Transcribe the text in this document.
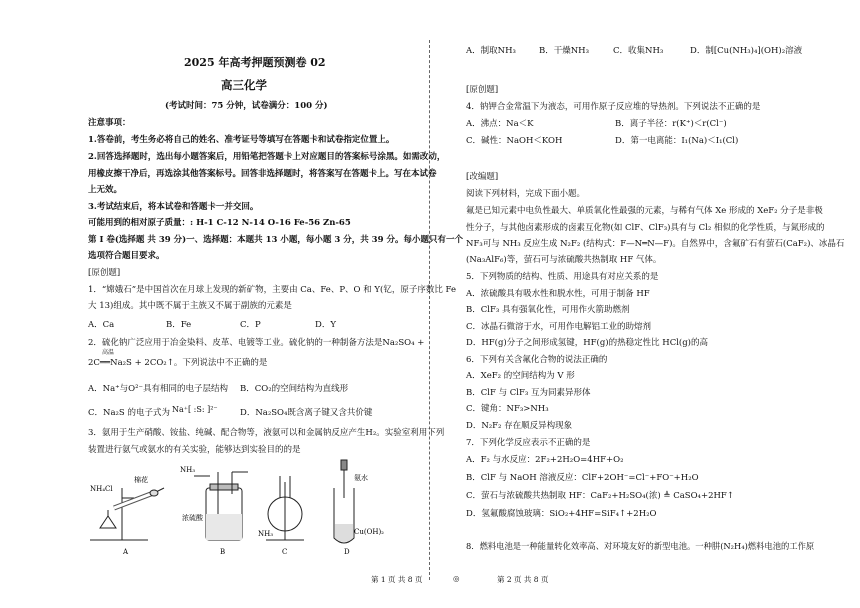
2025 年高考押题预测卷 02
高三化学
(考试时间：75 分钟，试卷满分：100 分)
注意事项：
1.答卷前，考生务必将自己的姓名、准考证号等填写在答题卡和试卷指定位置上。
2.回答选择题时，选出每小题答案后，用铅笔把答题卡上对应题目的答案标号涂黑。如需改动，
用橡皮擦干净后，再选涂其他答案标号。回答非选择题时，将答案写在答题卡上。写在本试卷
上无效。
3.考试结束后，将本试卷和答题卡一并交回。
可能用到的相对原子质量：: H-1 C-12 N-14 O-16 Fe-56 Zn-65
第 I 卷(选择题 共 39 分)一、选择题：本题共 13 小题，每小题 3 分，共 39 分。每小题只有一个
选项符合题目要求。
[原创题]
1．“嫦娥石”是中国首次在月球上发现的新矿物，主要由 Ca、Fe、P、O 和 Y(钇，原子序数比 Fe
大 13)组成。其中既不属于主族又不属于副族的元素是
A．Ca	B．Fe	C．P	D．Y
2．硫化钠广泛应用于冶金染料、皮革、电镀等工业。硫化钠的一种制备方法是Na₂SO₄ +
高温
2C══Na₂S + 2CO₂↑。下列说法中不正确的是
A．Na⁺与O²⁻具有相同的电子层结构 B．CO₂的空间结构为直线形
C．Na₂S 的电子式为 Na⁺[ :S: ]²⁻	D．Na₂SO₄既含离子键又含共价键
3．氨用于生产硝酸、铵盐、纯碱、配合物等，液氨可以和金属钠反应产生H₂。实验室利用下列
装置进行氨气或氨水的有关实验，能够达到实验目的的是
NH₄Cl
棉花
A
NH₃
浓硫酸
B
NH₃
C
氨水
Cu(OH)₂
D
第 1 页 共 8 页	◎
A．制取NH₃	B．干燥NH₃	C．收集NH₃	D．制[Cu(NH₃)₄](OH)₂溶液
[原创题]
4．钠钾合金常温下为液态，可用作原子反应堆的导热剂。下列说法不正确的是
A．沸点：Na＜K	B．离子半径：r(K⁺)＜r(Cl⁻)
C．碱性：NaOH＜KOH	D．第一电离能：I₁(Na)＜I₁(Cl)
[改编题]
阅读下列材料，完成下面小题。
氟是已知元素中电负性最大、单质氧化性最强的元素，与稀有气体 Xe 形成的 XeF₂ 分子是非极
性分子，与其他卤素形成的卤素互化物(如 ClF、ClF₃)具有与 Cl₂ 相似的化学性质，与氮形成的
NF₃可与 NH₃ 反应生成 N₂F₂ (结构式：F—N═N—F)。自然界中，含氟矿石有萤石(CaF₂)、冰晶石
(Na₃AlF₆)等，萤石可与浓硫酸共热制取 HF 气体。
5．下列物质的结构、性质、用途具有对应关系的是
A．浓硫酸具有吸水性和脱水性，可用于制备 HF
B．ClF₃ 具有强氧化性，可用作火箭助燃剂
C．冰晶石微溶于水，可用作电解铝工业的助熔剂
D．HF(g)分子之间形成氢键，HF(g)的热稳定性比 HCl(g)的高
6．下列有关含氟化合物的说法正确的
A．XeF₂ 的空间结构为 V 形
B．ClF 与 ClF₃ 互为同素异形体
C．键角：NF₃>NH₃
D．N₂F₂ 存在顺反异构现象
7．下列化学反应表示不正确的是
A．F₂ 与水反应：2F₂+2H₂O=4HF+O₂
B．ClF 与 NaOH 溶液反应：ClF+2OH⁻=Cl⁻+FO⁻+H₂O
C．萤石与浓硫酸共热制取 HF：CaF₂+H₂SO₄(浓) ≜ CaSO₄+2HF↑
D．氢氟酸腐蚀玻璃：SiO₂+4HF=SiF₄↑+2H₂O
8．燃料电池是一种能量转化效率高、对环境友好的新型电池。一种肼(N₂H₄)燃料电池的工作原
第 2 页 共 8 页
